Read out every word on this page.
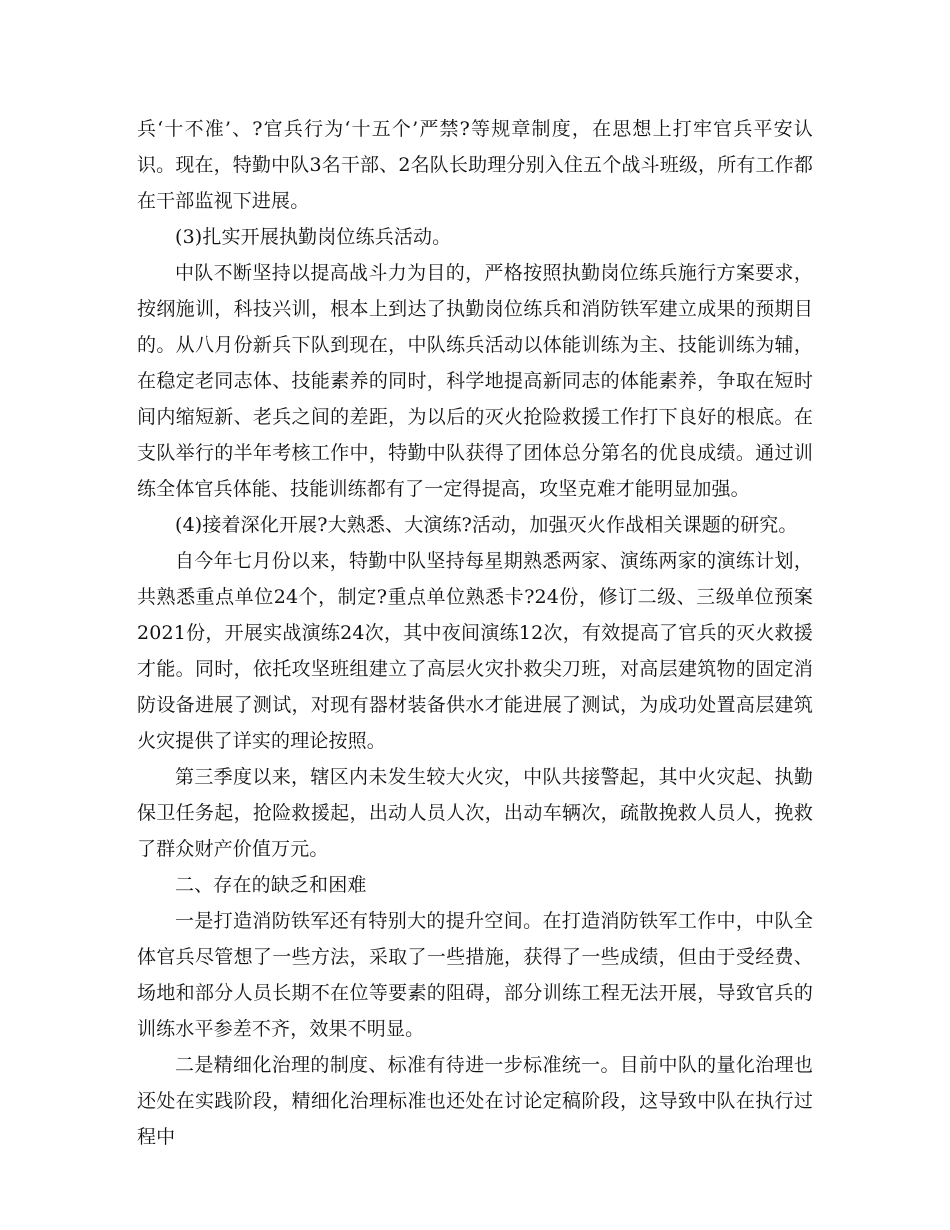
兵‘十不准’、?官兵行为‘十五个’严禁?等规章制度，在思想上打牢官兵平安认识。现在，特勤中队3名干部、2名队长助理分别入住五个战斗班级，所有工作都在干部监视下进展。

(3)扎实开展执勤岗位练兵活动。

中队不断坚持以提高战斗力为目的，严格按照执勤岗位练兵施行方案要求，按纲施训，科技兴训，根本上到达了执勤岗位练兵和消防铁军建立成果的预期目的。从八月份新兵下队到现在，中队练兵活动以体能训练为主、技能训练为辅，在稳定老同志体、技能素养的同时，科学地提高新同志的体能素养，争取在短时间内缩短新、老兵之间的差距，为以后的灭火抢险救援工作打下良好的根底。在支队举行的半年考核工作中，特勤中队获得了团体总分第名的优良成绩。通过训练全体官兵体能、技能训练都有了一定得提高，攻坚克难才能明显加强。

(4)接着深化开展?大熟悉、大演练?活动，加强灭火作战相关课题的研究。

自今年七月份以来，特勤中队坚持每星期熟悉两家、演练两家的演练计划，共熟悉重点单位24个，制定?重点单位熟悉卡?24份，修订二级、三级单位预案2021份，开展实战演练24次，其中夜间演练12次，有效提高了官兵的灭火救援才能。同时，依托攻坚班组建立了高层火灾扑救尖刀班，对高层建筑物的固定消防设备进展了测试，对现有器材装备供水才能进展了测试，为成功处置高层建筑火灾提供了详实的理论按照。

第三季度以来，辖区内未发生较大火灾，中队共接警起，其中火灾起、执勤保卫任务起，抢险救援起，出动人员人次，出动车辆次，疏散挽救人员人，挽救了群众财产价值万元。

二、存在的缺乏和困难

一是打造消防铁军还有特别大的提升空间。在打造消防铁军工作中，中队全体官兵尽管想了一些方法，采取了一些措施，获得了一些成绩，但由于受经费、场地和部分人员长期不在位等要素的阻碍，部分训练工程无法开展，导致官兵的训练水平参差不齐，效果不明显。

二是精细化治理的制度、标准有待进一步标准统一。目前中队的量化治理也还处在实践阶段，精细化治理标准也还处在讨论定稿阶段，这导致中队在执行过程中
